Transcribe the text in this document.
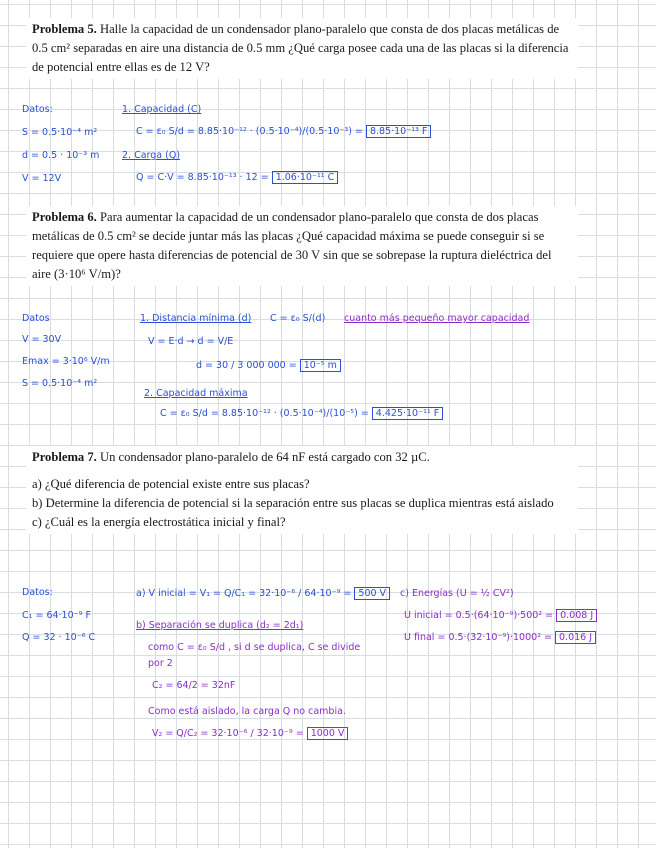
Problema 5. Halle la capacidad de un condensador plano-paralelo que consta de dos placas metálicas de 0.5 cm² separadas en aire una distancia de 0.5 mm ¿Qué carga posee cada una de las placas si la diferencia de potencial entre ellas es de 12 V?

Datos:
S = 0.5·10⁻⁴ m²
d = 0.5 · 10⁻³ m
V = 12V
1. Capacidad (C)
C = ε₀ S/d = 8.85·10⁻¹² · (0.5·10⁻⁴)/(0.5·10⁻³) = 8.85·10⁻¹³ F
2. Carga (Q)
Q = C·V = 8.85·10⁻¹³ · 12 = 1.06·10⁻¹¹ C

Problema 6. Para aumentar la capacidad de un condensador plano-paralelo que consta de dos placas metálicas de 0.5 cm² se decide juntar más las placas ¿Qué capacidad máxima se puede conseguir si se requiere que opere hasta diferencias de potencial de 30 V sin que se sobrepase la ruptura dieléctrica del aire (3·10⁶ V/m)?

Datos
V = 30V
Emax = 3·10⁶ V/m
S = 0.5·10⁻⁴ m²
1. Distancia mínima (d) C = ε₀ S/(d) cuanto más pequeño mayor capacidad
V = E·d → d = V/E
d = 30 / 3 000 000 = 10⁻⁵ m
2. Capacidad máxima
C = ε₀ S/d = 8.85·10⁻¹² · (0.5·10⁻⁴)/(10⁻⁵) = 4.425·10⁻¹¹ F

Problema 7. Un condensador plano-paralelo de 64 nF está cargado con 32 µC.

a) ¿Qué diferencia de potencial existe entre sus placas?

b) Determine la diferencia de potencial si la separación entre sus placas se duplica mientras está aislado

c) ¿Cuál es la energía electrostática inicial y final?

Datos:
C₁ = 64·10⁻⁹ F
Q = 32 · 10⁻⁶ C
a) V inicial = V₁ = Q/C₁ = 32·10⁻⁶ / 64·10⁻⁹ = 500 V
b) Separación se duplica (d₂ = 2d₁)
como C = ε₀ S/d , si d se duplica, C se divide
por 2
C₂ = 64/2 = 32nF
Como está aislado, la carga Q no cambia.
V₂ = Q/C₂ = 32·10⁻⁶ / 32·10⁻⁹ = 1000 V
c) Energías (U = ½ CV²)
U inicial = 0.5·(64·10⁻⁹)·500² = 0.008 J
U final = 0.5·(32·10⁻⁹)·1000² = 0.016 J
